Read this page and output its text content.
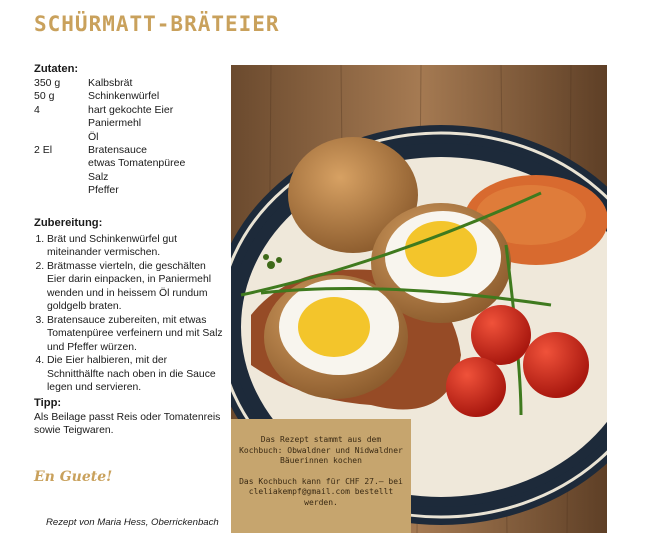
SCHÜRMATT-BRÄTEIER
Zutaten:
350 g	Kalbsbrät
50 g	Schinkenwürfel
4	hart gekochte Eier
Paniermehl
Öl
2 El	Bratensauce
etwas Tomatenpüree
Salz
Pfeffer
Zubereitung:
1. Brät und Schinkenwürfel gut miteinander vermischen.
2. Brätmasse vierteln, die geschälten Eier darin einpacken, in Paniermehl wenden und in heissem Öl rundum goldgelb braten.
3. Bratensauce zubereiten, mit etwas Tomatenpüree verfeinern und mit Salz und Pfeffer würzen.
4. Die Eier halbieren, mit der Schnitthälfte nach oben in die Sauce legen und servieren.
Tipp:
Als Beilage passt Reis oder Tomatenreis sowie Teigwaren.
En Guete!
Rezept von Maria Hess, Oberrickenbach

Das Rezept stammt aus dem Kochbuch: Obwaldner und Nidwaldner Bäuerinnen kochen

Das Kochbuch kann für CHF 27.– bei cleliakempf@gmail.com bestellt werden.
